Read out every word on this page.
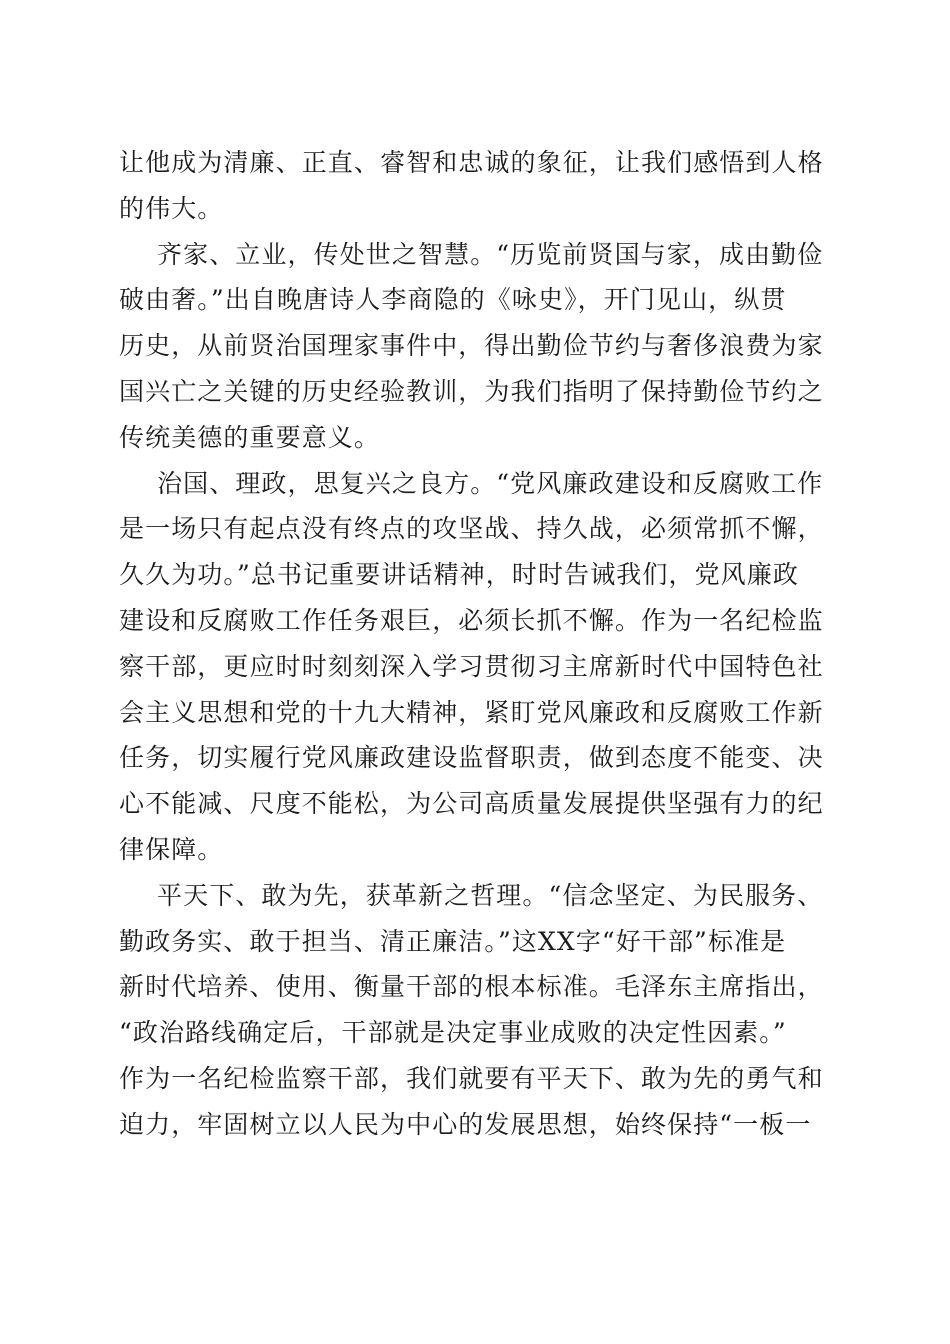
让他成为清廉、正直、睿智和忠诚的象征，让我们感悟到人格
的伟大。
齐家、立业，传处世之智慧。“历览前贤国与家，成由勤俭
破由奢。”出自晚唐诗人李商隐的《咏史》，开门见山，纵贯
历史，从前贤治国理家事件中，得出勤俭节约与奢侈浪费为家
国兴亡之关键的历史经验教训，为我们指明了保持勤俭节约之
传统美德的重要意义。
治国、理政，思复兴之良方。“党风廉政建设和反腐败工作
是一场只有起点没有终点的攻坚战、持久战，必须常抓不懈，
久久为功。”总书记重要讲话精神，时时告诫我们，党风廉政
建设和反腐败工作任务艰巨，必须长抓不懈。作为一名纪检监
察干部，更应时时刻刻深入学习贯彻习主席新时代中国特色社
会主义思想和党的十九大精神，紧盯党风廉政和反腐败工作新
任务，切实履行党风廉政建设监督职责，做到态度不能变、决
心不能减、尺度不能松，为公司高质量发展提供坚强有力的纪
律保障。
平天下、敢为先，获革新之哲理。“信念坚定、为民服务、
勤政务实、敢于担当、清正廉洁。”这XX字“好干部”标准是
新时代培养、使用、衡量干部的根本标准。毛泽东主席指出，
“政治路线确定后，干部就是决定事业成败的决定性因素。”
作为一名纪检监察干部，我们就要有平天下、敢为先的勇气和
迫力，牢固树立以人民为中心的发展思想，始终保持“一板一
